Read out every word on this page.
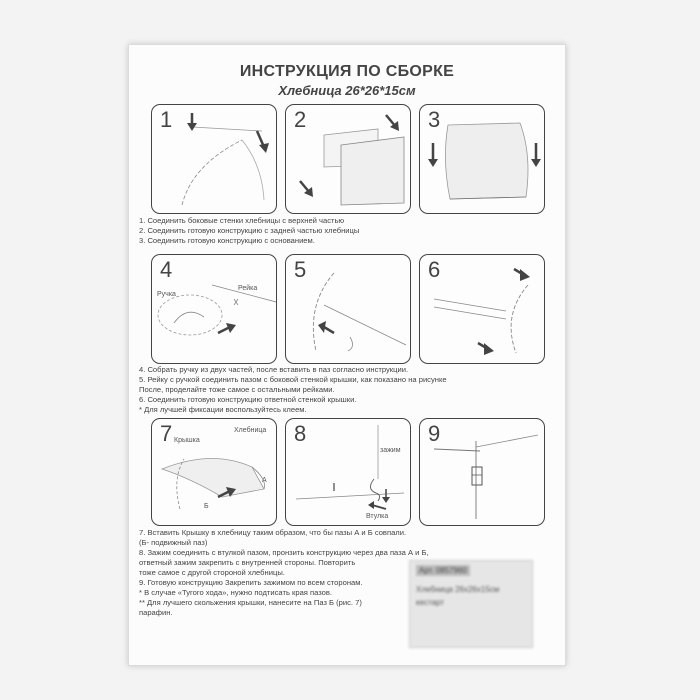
ИНСТРУКЦИЯ ПО СБОРКЕ
Хлебница 26*26*15см
1	2	3
1. Соединить боковые стенки хлебницы с верхней частью
2. Соединить готовую конструкцию с задней частью хлебницы
3. Соединить готовую конструкцию с основанием.
4
Ручка
Рейка
5	6
4. Собрать ручку из двух частей, после вставить в паз согласно инструкции.
5. Рейку с ручкой соединить пазом с боковой стенкой крышки, как показано на рисунке
После, проделайте тоже самое с остальными рейками.
6. Соединить готовую конструкцию ответной стенкой крышки.
* Для лучшей фиксации воспользуйтесь клеем.
7 Крышка
Хлебница
А
Б
8
зажим
Втулка
9
7. Вставить Крышку в хлебницу таким образом, что бы пазы А и Б совпали.
(Б- подвижный паз)
8. Зажим соединить с втулкой пазом, пронзить конструкцию через два паза А и Б,
ответный зажим закрепить с внутренней стороны. Повторить
тоже самое с другой стороной хлебницы.
9. Готовую конструкцию Закрепить зажимом по всем сторонам.
* В случае «Тугого хода», нужно подтисать края пазов.
** Для лучшего скольжения крышки, нанесите на Паз Б (рис. 7)
парафин.
Арт. 0857960
Хлебница 26х26х15см
кестарт
